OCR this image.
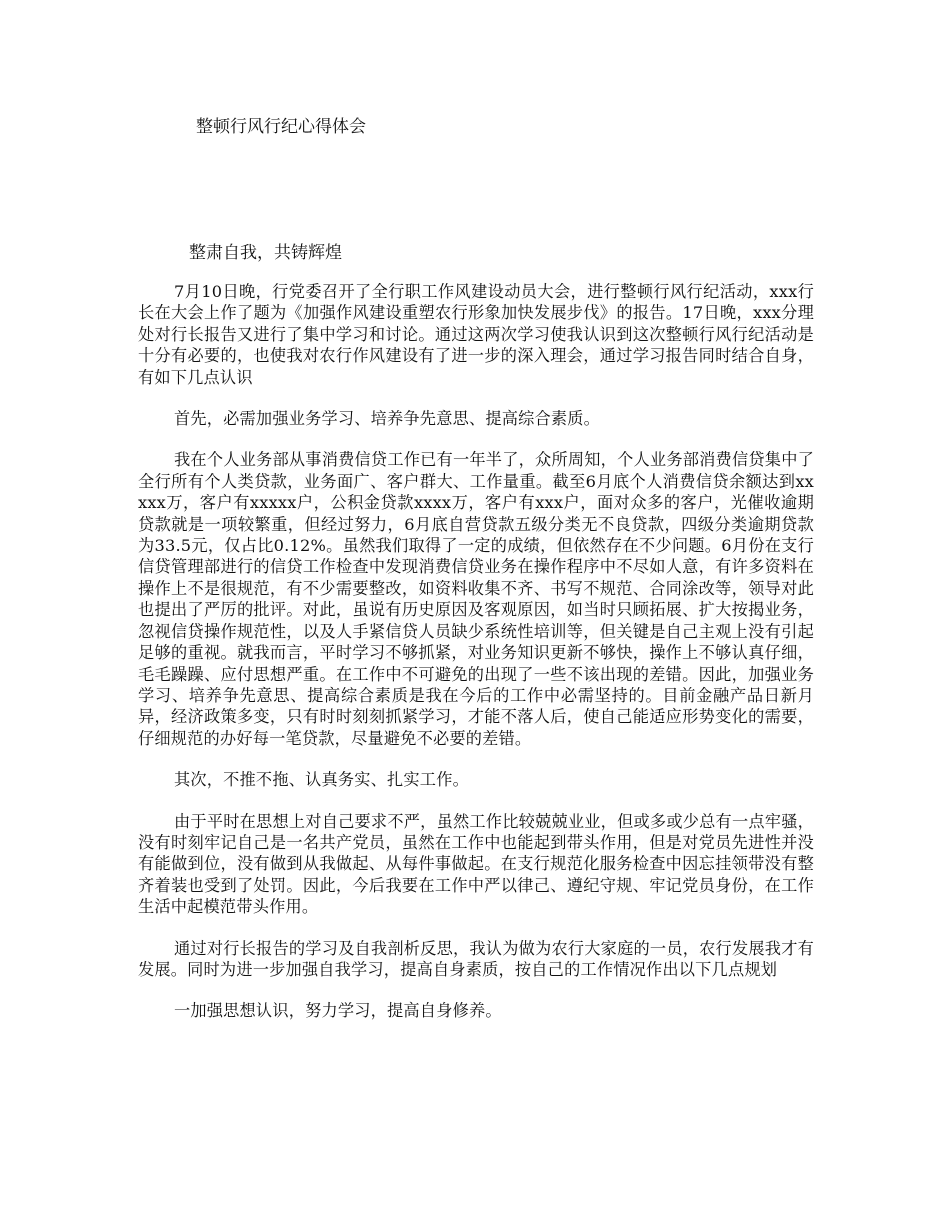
整顿行风行纪心得体会
整肃自我，共铸辉煌

7月10日晚，行党委召开了全行职工作风建设动员大会，进行整顿行风行纪活动，xxx行长在大会上作了题为《加强作风建设重塑农行形象加快发展步伐》的报告。17日晚，xxx分理处对行长报告又进行了集中学习和讨论。通过这两次学习使我认识到这次整顿行风行纪活动是十分有必要的，也使我对农行作风建设有了进一步的深入理会，通过学习报告同时结合自身，有如下几点认识

首先，必需加强业务学习、培养争先意思、提高综合素质。

我在个人业务部从事消费信贷工作已有一年半了，众所周知，个人业务部消费信贷集中了全行所有个人类贷款，业务面广、客户群大、工作量重。截至6月底个人消费信贷余额达到xxxxx万，客户有xxxxx户，公积金贷款xxxx万，客户有xxx户，面对众多的客户，光催收逾期贷款就是一项较繁重，但经过努力，6月底自营贷款五级分类无不良贷款，四级分类逾期贷款为33.5元，仅占比0.12%。虽然我们取得了一定的成绩，但依然存在不少问题。6月份在支行信贷管理部进行的信贷工作检查中发现消费信贷业务在操作程序中不尽如人意，有许多资料在操作上不是很规范，有不少需要整改，如资料收集不齐、书写不规范、合同涂改等，领导对此也提出了严厉的批评。对此，虽说有历史原因及客观原因，如当时只顾拓展、扩大按揭业务，忽视信贷操作规范性，以及人手紧信贷人员缺少系统性培训等，但关键是自己主观上没有引起足够的重视。就我而言，平时学习不够抓紧，对业务知识更新不够快，操作上不够认真仔细，毛毛躁躁、应付思想严重。在工作中不可避免的出现了一些不该出现的差错。因此，加强业务学习、培养争先意思、提高综合素质是我在今后的工作中必需坚持的。目前金融产品日新月异，经济政策多变，只有时时刻刻抓紧学习，才能不落人后，使自己能适应形势变化的需要，仔细规范的办好每一笔贷款，尽量避免不必要的差错。

其次，不推不拖、认真务实、扎实工作。

由于平时在思想上对自己要求不严，虽然工作比较兢兢业业，但或多或少总有一点牢骚，没有时刻牢记自己是一名共产党员，虽然在工作中也能起到带头作用，但是对党员先进性并没有能做到位，没有做到从我做起、从每件事做起。在支行规范化服务检查中因忘挂领带没有整齐着装也受到了处罚。因此，今后我要在工作中严以律己、遵纪守规、牢记党员身份，在工作生活中起模范带头作用。

通过对行长报告的学习及自我剖析反思，我认为做为农行大家庭的一员，农行发展我才有发展。同时为进一步加强自我学习，提高自身素质，按自己的工作情况作出以下几点规划

一加强思想认识，努力学习，提高自身修养。
